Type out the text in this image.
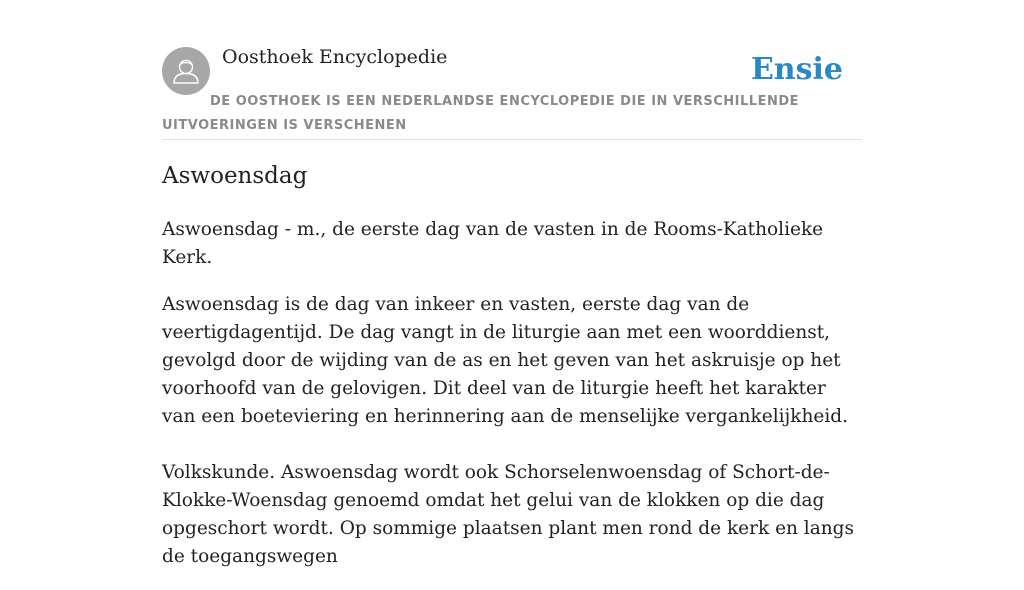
Oosthoek Encyclopedie	Ensie
DE OOSTHOEK IS EEN NEDERLANDSE ENCYCLOPEDIE DIE IN VERSCHILLENDE UITVOERINGEN IS VERSCHENEN
Aswoensdag

Aswoensdag - m., de eerste dag van de vasten in de Rooms-Katholieke Kerk.

Aswoensdag is de dag van inkeer en vasten, eerste dag van de veertigdagentijd. De dag vangt in de liturgie aan met een woorddienst, gevolgd door de wijding van de as en het geven van het askruisje op het voorhoofd van de gelovigen. Dit deel van de liturgie heeft het karakter van een boeteviering en herinnering aan de menselijke vergankelijkheid.

Volkskunde. Aswoensdag wordt ook Schorselenwoensdag of Schort-de-Klokke-Woensdag genoemd omdat het gelui van de klokken op die dag opgeschort wordt. Op sommige plaatsen plant men rond de kerk en langs de toegangswegen
